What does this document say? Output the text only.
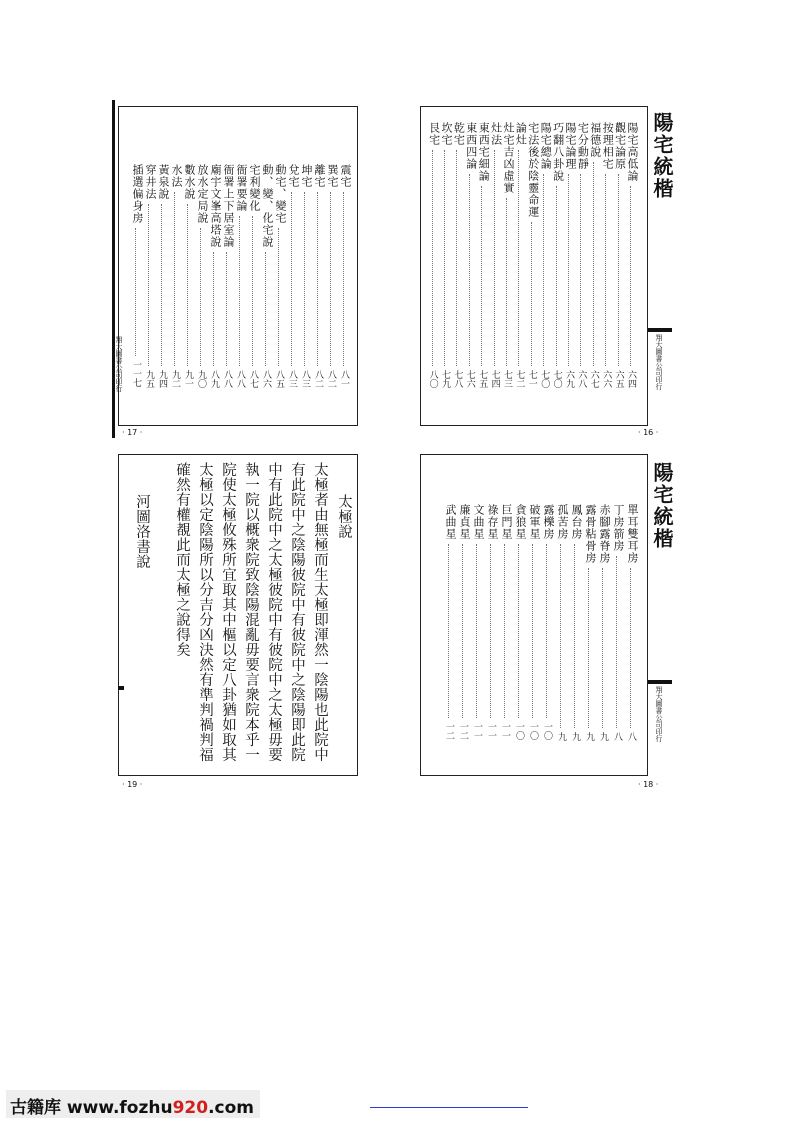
翔大圖書公司印行
震宅
八一
巽宅
八二
離宅
八二
坤宅
八三
兌宅
八三
動宅、變宅
八五
動、變、化宅說
八六
宅利變化
八七
衙署要論
八八
衙署上下居室論
八八
廟宇文峯高塔說
八九
放水定局說
九〇
數水說
九一
水法
九二
黃泉說
九四
穿井法
九五
插選偏身房
一一七
· 17 ·
陽宅統楷
翔大圖書公司印行
陽宅高低論
六四
觀宅論原
六五
按理相宅
六六
福德說
六七
宅分動靜
六八
陽宅論理
六九
巧翻八卦說
七〇
陽宅總論
七〇
宅法後於陰靈命運
七一
論灶
七二
灶宅吉凶虛實
七三
灶法
七四
東西宅細論
七五
東西四論
七六
乾宅
七八
坎宅
七九
艮宅
八〇
· 16 ·
太極說
太極者由無極而生太極即渾然一陰陽也此院中
有此院中之陰陽彼院中有彼院中之陰陽即此院
中有此院中之太極彼院中有彼院中之太極毋要
執一院以概衆院致陰陽混亂毋要言衆院本乎一
院使太極攸殊所宜取其中樞以定八卦猶如取其
太極以定陰陽所以分吉分凶決然有準判禍判福
確然有權覩此而太極之說得矣
河圖洛書說
· 19 ·
陽宅統楷
翔大圖書公司印行
單耳雙耳房
八
丁房箭房
八
赤腳露脊房
九
露骨粘骨房
九
鳳台房
九
孤苦房
九
露櫟房
一〇
破軍星
一〇
貪狼星
一〇
巨門星
一一
祿存星
一一
文曲星
一一
廉貞星
一二
武曲星
一二
· 18 ·
古籍库 www.fozhu920.com
